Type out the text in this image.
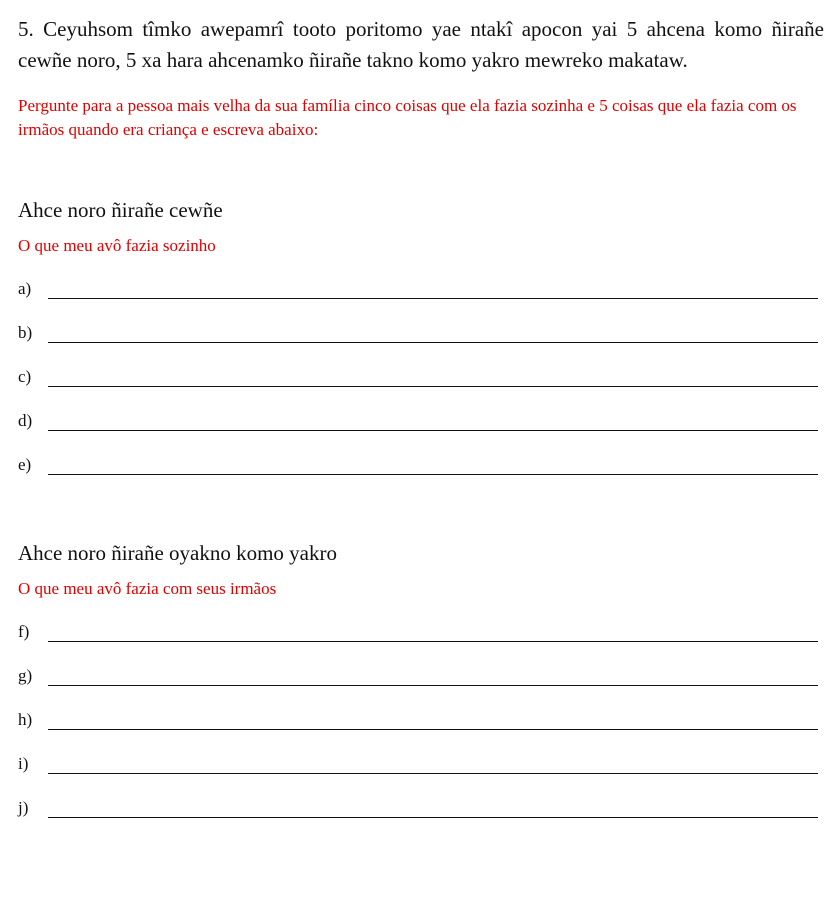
5. Ceyuhsom tîmko awepamrî tooto poritomo yae ntakî apocon yai 5 ahcena komo ñirañe cewñe noro, 5 xa hara ahcenamko ñirañe takno komo yakro mewreko makataw.

Pergunte para a pessoa mais velha da sua família cinco coisas que ela fazia sozinha e 5 coisas que ela fazia com os irmãos quando era criança e escreva abaixo:

Ahce noro ñirañe cewñe

O que meu avô fazia sozinho

a)
b)
c)
d)
e)

Ahce noro ñirañe oyakno komo yakro

O que meu avô fazia com seus irmãos

f)
g)
h)
i)
j)
